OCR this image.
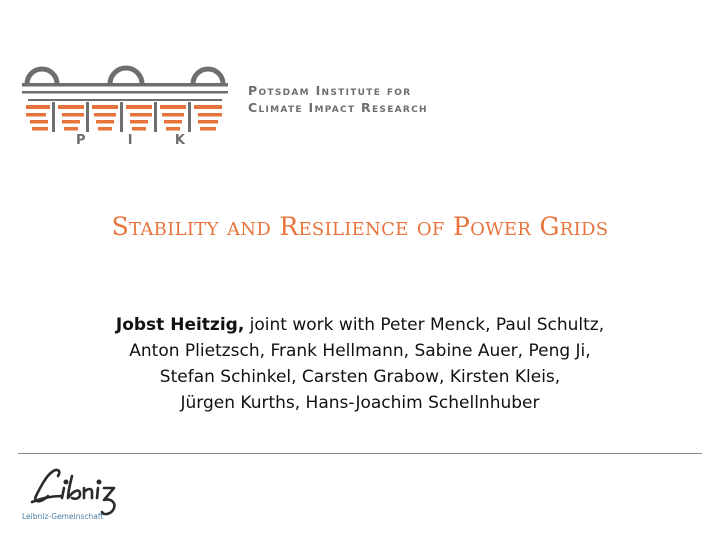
P	I	K
Potsdam Institute for
Climate Impact Research
Stability and Resilience of Power Grids
Jobst Heitzig, joint work with Peter Menck, Paul Schultz,
Anton Plietzsch, Frank Hellmann, Sabine Auer, Peng Ji,
Stefan Schinkel, Carsten Grabow, Kirsten Kleis,
Jürgen Kurths, Hans-Joachim Schellnhuber
Leibniz-Gemeinschaft
